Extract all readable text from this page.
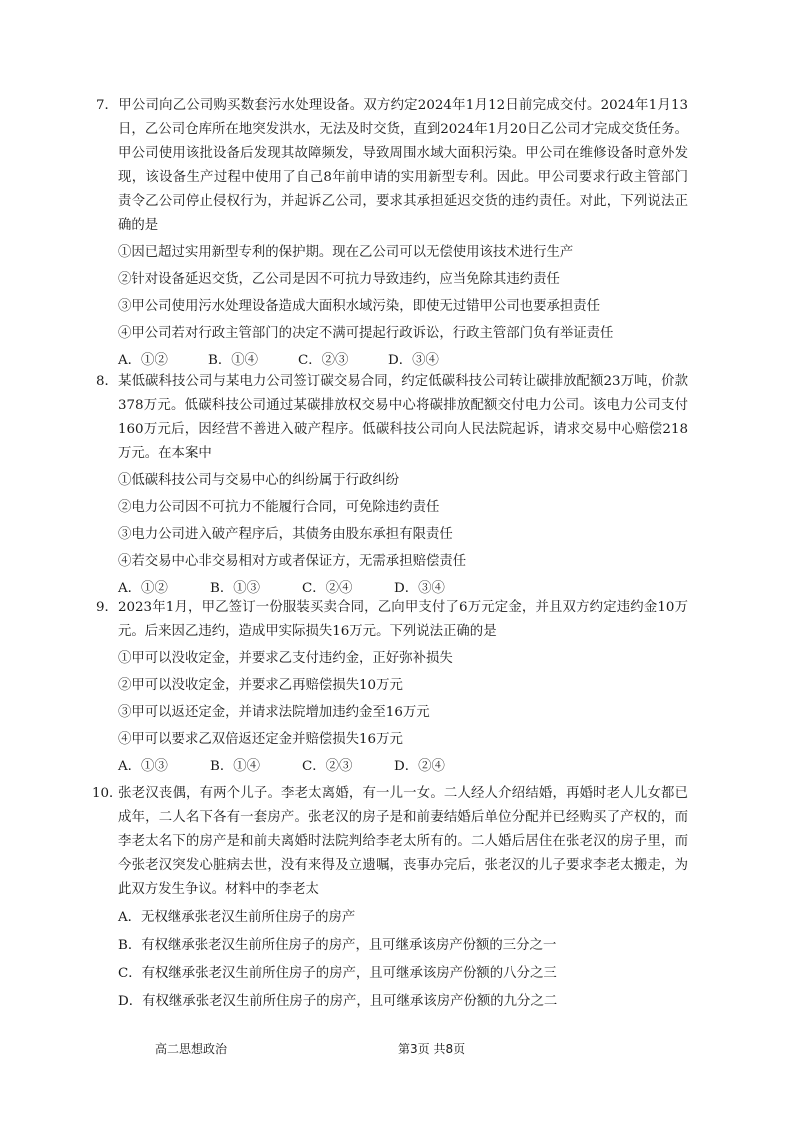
7．甲公司向乙公司购买数套污水处理设备。双方约定2024年1月12日前完成交付。2024年1月13日，乙公司仓库所在地突发洪水，无法及时交货，直到2024年1月20日乙公司才完成交货任务。甲公司使用该批设备后发现其故障频发，导致周围水域大面积污染。甲公司在维修设备时意外发现，该设备生产过程中使用了自己8年前申请的实用新型专利。因此。甲公司要求行政主管部门责令乙公司停止侵权行为，并起诉乙公司，要求其承担延迟交货的违约责任。对此，下列说法正确的是

①因已超过实用新型专利的保护期。现在乙公司可以无偿使用该技术进行生产
②针对设备延迟交货，乙公司是因不可抗力导致违约，应当免除其违约责任
③甲公司使用污水处理设备造成大面积水域污染，即使无过错甲公司也要承担责任
④甲公司若对行政主管部门的决定不满可提起行政诉讼，行政主管部门负有举证责任
A．①②	B．①④	C．②③	D．③④

8．某低碳科技公司与某电力公司签订碳交易合同，约定低碳科技公司转让碳排放配额23万吨，价款378万元。低碳科技公司通过某碳排放权交易中心将碳排放配额交付电力公司。该电力公司支付160万元后，因经营不善进入破产程序。低碳科技公司向人民法院起诉，请求交易中心赔偿218万元。在本案中

①低碳科技公司与交易中心的纠纷属于行政纠纷
②电力公司因不可抗力不能履行合同，可免除违约责任
③电力公司进入破产程序后，其债务由股东承担有限责任
④若交易中心非交易相对方或者保证方，无需承担赔偿责任
A．①②	B．①③	C．②④	D．③④

9．2023年1月，甲乙签订一份服装买卖合同，乙向甲支付了6万元定金，并且双方约定违约金10万元。后来因乙违约，造成甲实际损失16万元。下列说法正确的是

①甲可以没收定金，并要求乙支付违约金，正好弥补损失
②甲可以没收定金，并要求乙再赔偿损失10万元
③甲可以返还定金，并请求法院增加违约金至16万元
④甲可以要求乙双倍返还定金并赔偿损失16万元
A．①③	B．①④	C．②③	D．②④

10．张老汉丧偶，有两个儿子。李老太离婚，有一儿一女。二人经人介绍结婚，再婚时老人儿女都已成年，二人名下各有一套房产。张老汉的房子是和前妻结婚后单位分配并已经购买了产权的，而李老太名下的房产是和前夫离婚时法院判给李老太所有的。二人婚后居住在张老汉的房子里，而今张老汉突发心脏病去世，没有来得及立遗嘱，丧事办完后，张老汉的儿子要求李老太搬走，为此双方发生争议。材料中的李老太

A．无权继承张老汉生前所住房子的房产
B．有权继承张老汉生前所住房子的房产，且可继承该房产份额的三分之一
C．有权继承张老汉生前所住房子的房产，且可继承该房产份额的八分之三
D．有权继承张老汉生前所住房子的房产，且可继承该房产份额的九分之二
高二思想政治	第3页 共8页
